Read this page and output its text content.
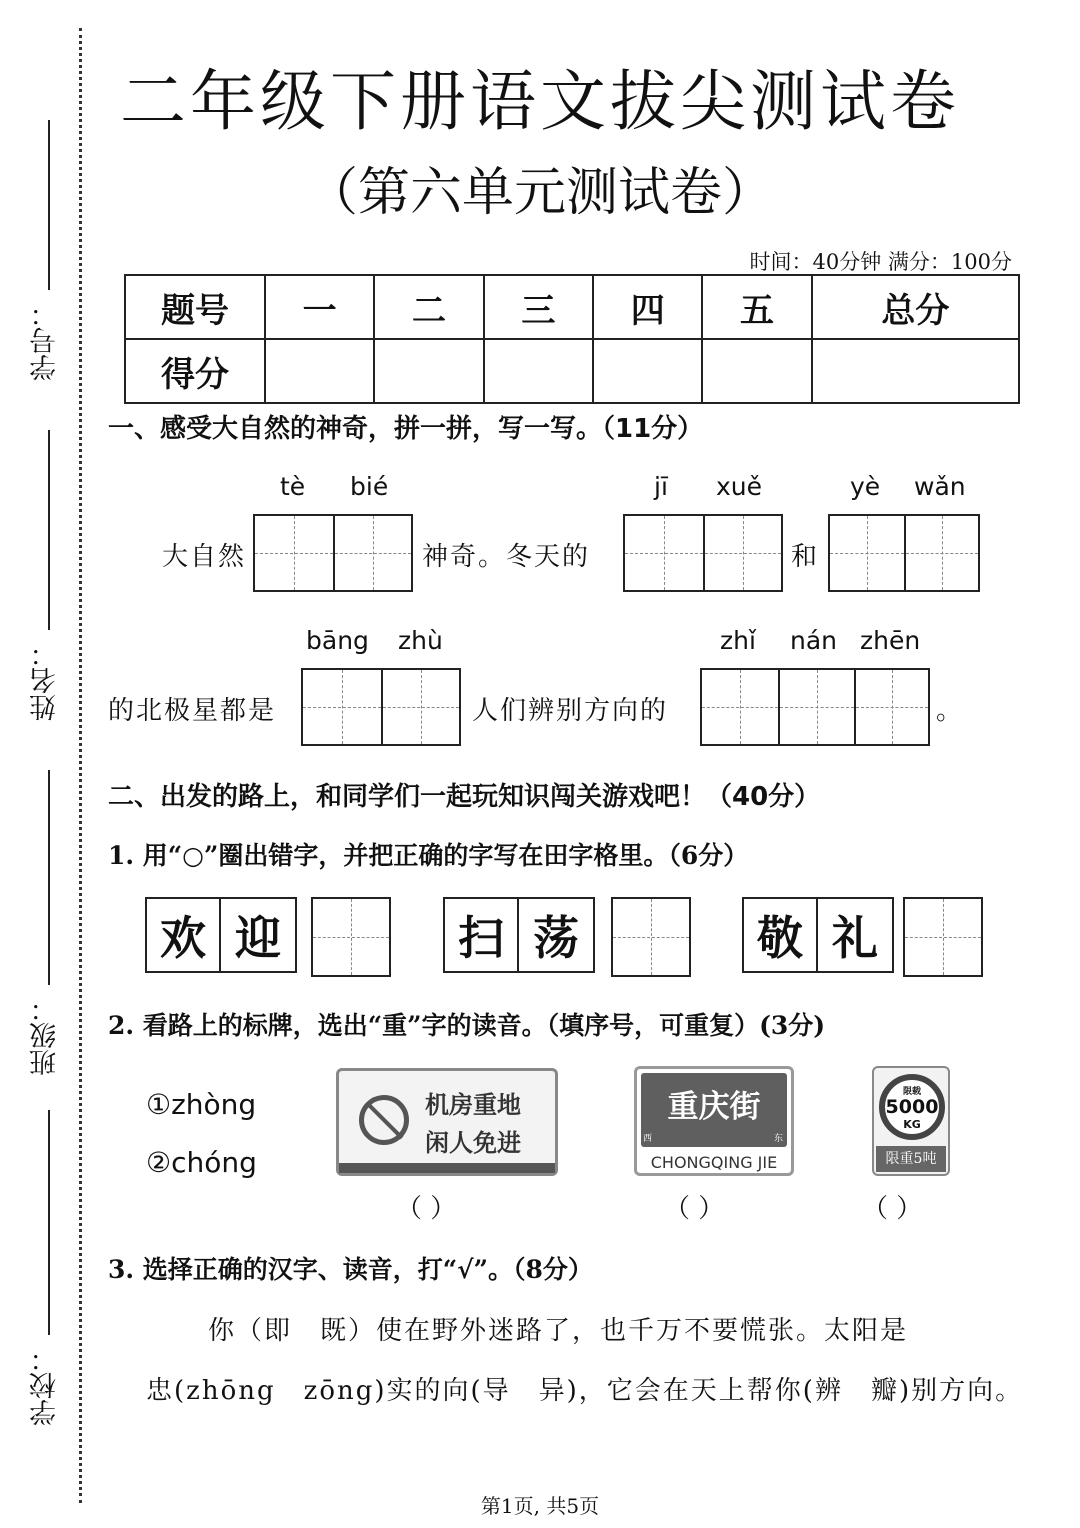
学号：
姓名：
班级：
学校：
二年级下册语文拔尖测试卷
（第六单元测试卷）
时间：40分钟 满分：100分
题号	一	二	三	四	五	总分
得分						
一、感受大自然的神奇，拼一拼，写一写。（11分）
tè bié
大自然	神奇。冬天的
jī xuě
和
yè wǎn
bāng zhù
的北极星都是	人们辨别方向的
zhǐ nán zhēn
。
二、出发的路上，和同学们一起玩知识闯关游戏吧！（40分）
1. 用“○”圈出错字，并把正确的字写在田字格里。（6分）
欢 迎	扫 荡	敬 礼
2. 看路上的标牌，选出“重”字的读音。（填序号，可重复）(3分)
①zhòng
②chóng
机房重地
闲人免进
重庆街
西	东
CHONGQING JIE
限载
5000
KG
限重5吨
（ ）	（ ）	（ ）
3. 选择正确的汉字、读音，打“√”。（8分）
你（即　既）使在野外迷路了，也千万不要慌张。太阳是
忠(zhōng　zōng)实的向(导　异)，它会在天上帮你(辨　瓣)别方向。
第1页, 共5页
